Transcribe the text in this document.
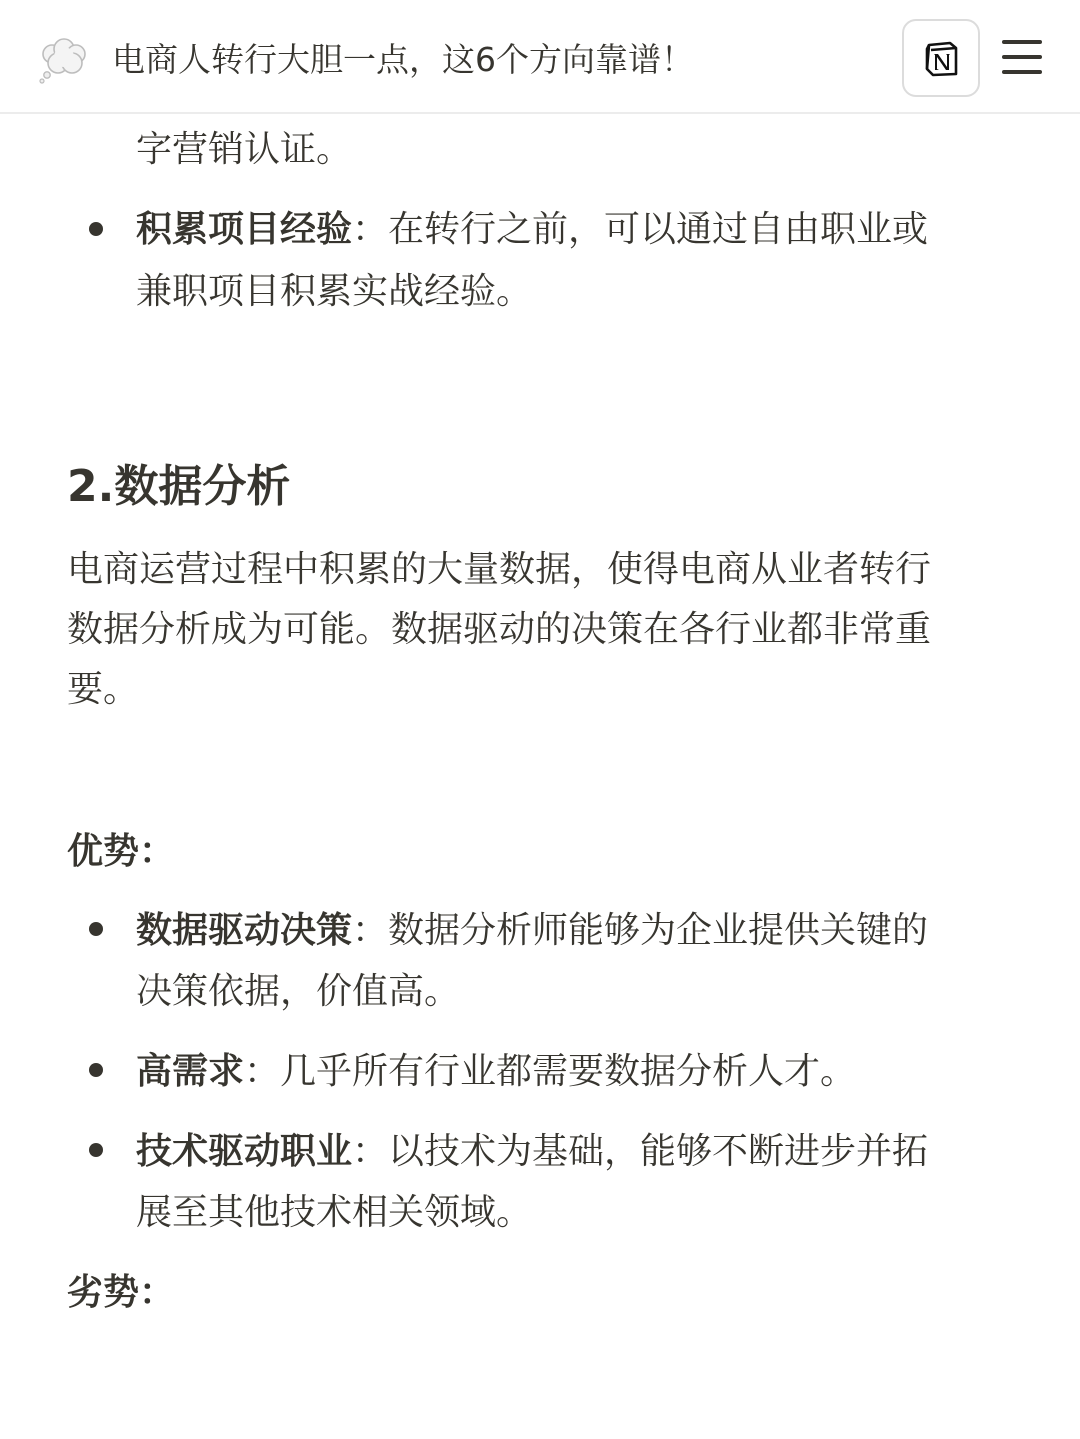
电商人转行大胆一点，这6个方向靠谱！
字营销认证。
积累项目经验：在转行之前，可以通过自由职业或
兼职项目积累实战经验。
2.数据分析
电商运营过程中积累的大量数据，使得电商从业者转行
数据分析成为可能。数据驱动的决策在各行业都非常重
要。
优势：
数据驱动决策：数据分析师能够为企业提供关键的
决策依据，价值高。
高需求：几乎所有行业都需要数据分析人才。
技术驱动职业：以技术为基础，能够不断进步并拓
展至其他技术相关领域。
劣势：
